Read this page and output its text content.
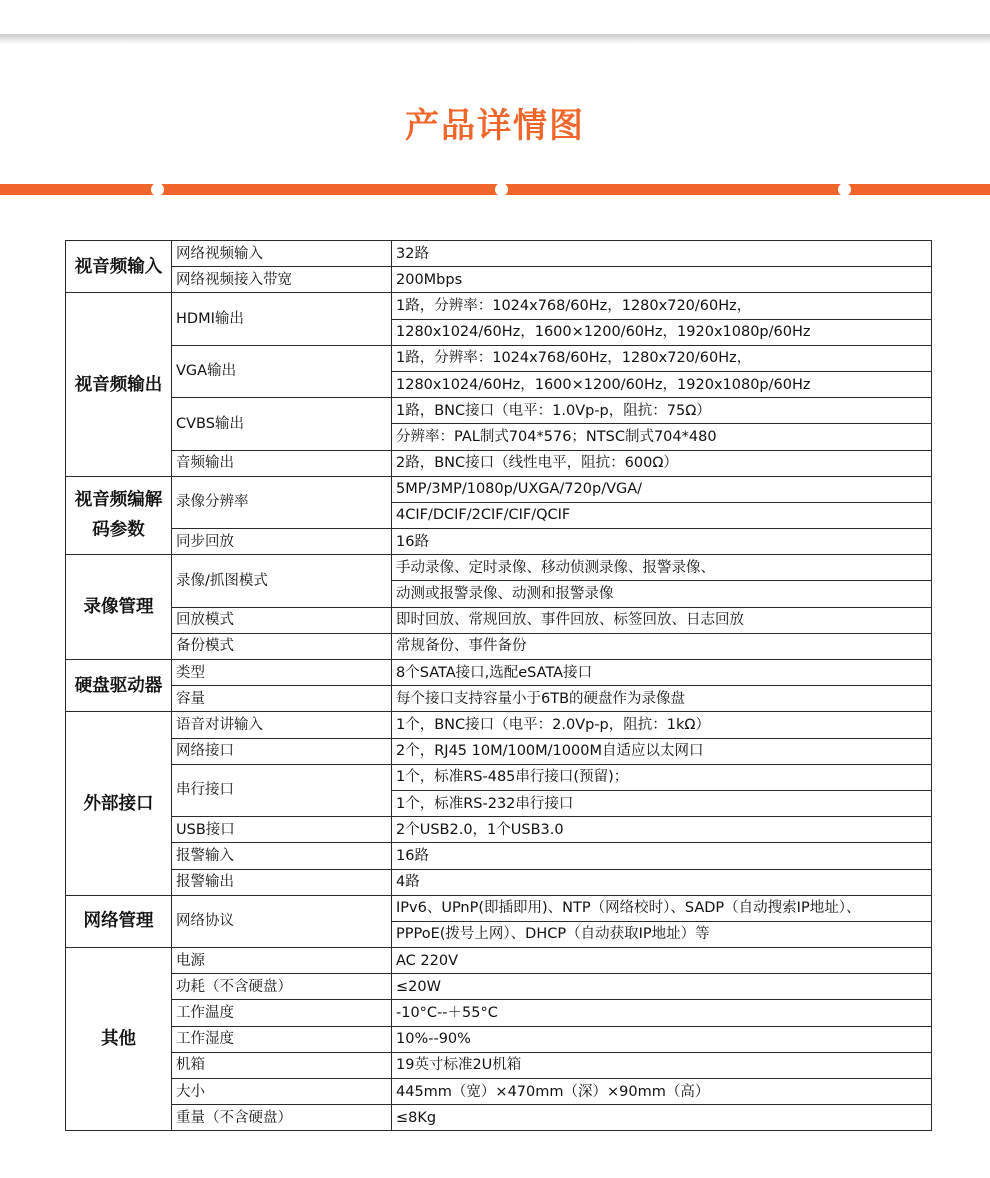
产品详情图
视音频输入	网络视频输入	32路
	网络视频接入带宽	200Mbps
视音频输出	HDMI输出	1路，分辨率：1024x768/60Hz，1280x720/60Hz，
		1280x1024/60Hz，1600×1200/60Hz，1920x1080p/60Hz
	VGA输出	1路，分辨率：1024x768/60Hz，1280x720/60Hz，
		1280x1024/60Hz，1600×1200/60Hz，1920x1080p/60Hz
	CVBS输出	1路，BNC接口（电平：1.0Vp-p，阻抗：75Ω）
		分辨率：PAL制式704*576；NTSC制式704*480
	音频输出	2路，BNC接口（线性电平，阻抗：600Ω）
视音频编解码参数	录像分辨率	5MP/3MP/1080p/UXGA/720p/VGA/
		4CIF/DCIF/2CIF/CIF/QCIF
	同步回放	16路
录像管理	录像/抓图模式	手动录像、定时录像、移动侦测录像、报警录像、
		动测或报警录像、动测和报警录像
	回放模式	即时回放、常规回放、事件回放、标签回放、日志回放
	备份模式	常规备份、事件备份
硬盘驱动器	类型	8个SATA接口,选配eSATA接口
	容量	每个接口支持容量小于6TB的硬盘作为录像盘
外部接口	语音对讲输入	1个，BNC接口（电平：2.0Vp-p，阻抗：1kΩ）
	网络接口	2个，RJ45 10M/100M/1000M自适应以太网口
	串行接口	1个，标准RS-485串行接口(预留)；
		1个，标准RS-232串行接口
	USB接口	2个USB2.0，1个USB3.0
	报警输入	16路
	报警输出	4路
网络管理	网络协议	IPv6、UPnP(即插即用)、NTP（网络校时）、SADP（自动搜索IP地址）、
		PPPoE(拨号上网）、DHCP（自动获取IP地址）等
其他	电源	AC 220V
	功耗（不含硬盘）	≤20W
	工作温度	-10°C--＋55°C
	工作湿度	10%--90%
	机箱	19英寸标准2U机箱
	大小	445mm（宽）×470mm（深）×90mm（高）
	重量（不含硬盘）	≤8Kg
